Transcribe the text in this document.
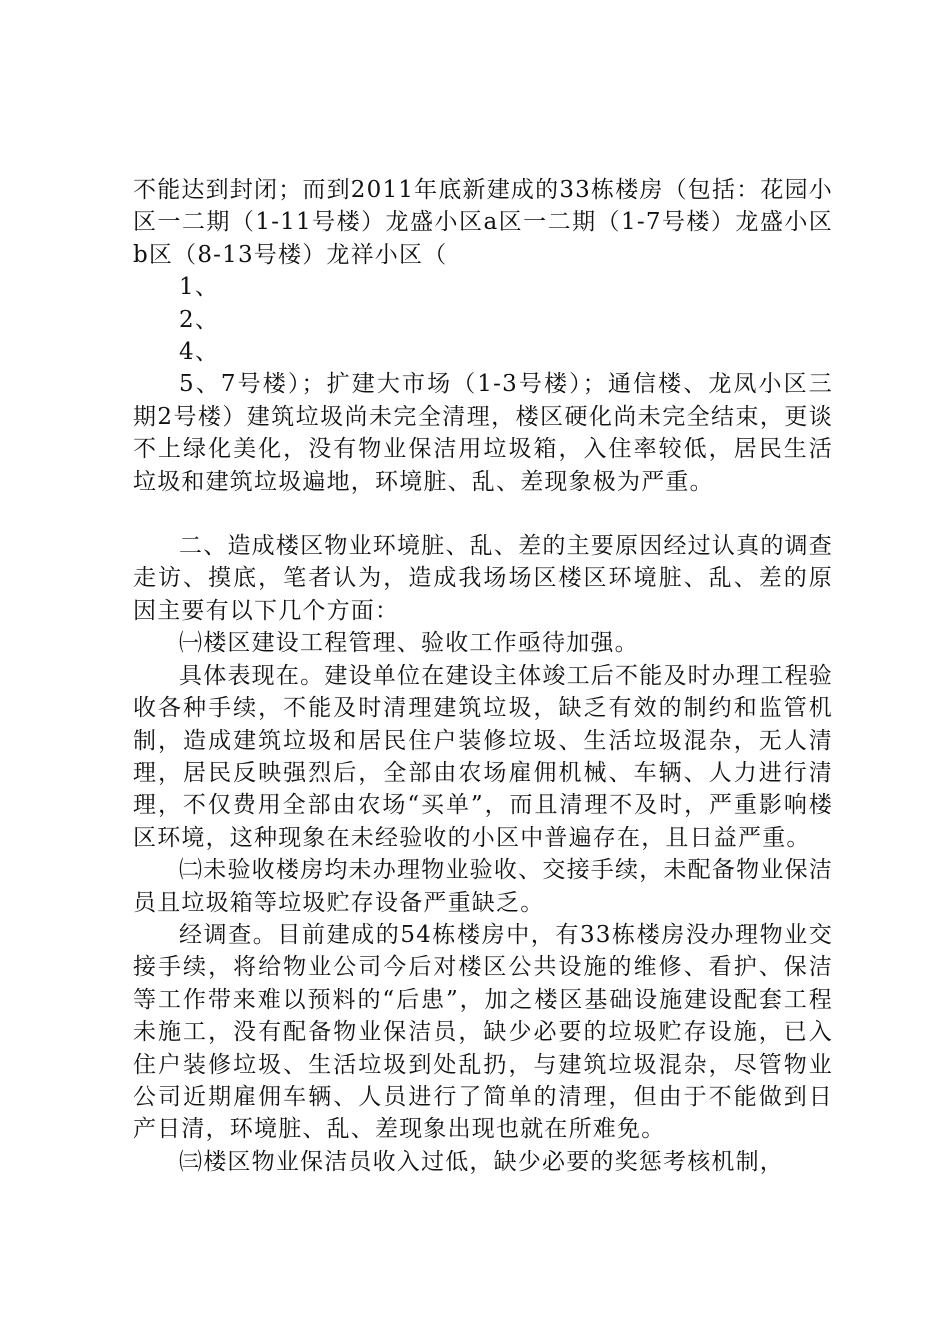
不能达到封闭；而到2011年底新建成的33栋楼房（包括：花园小区一二期（1-11号楼）龙盛小区a区一二期（1-7号楼）龙盛小区b区（8-13号楼）龙祥小区（

1、

2、

4、

5、7号楼）；扩建大市场（1-3号楼）；通信楼、龙凤小区三期2号楼）建筑垃圾尚未完全清理，楼区硬化尚未完全结束，更谈不上绿化美化，没有物业保洁用垃圾箱，入住率较低，居民生活垃圾和建筑垃圾遍地，环境脏、乱、差现象极为严重。

二、造成楼区物业环境脏、乱、差的主要原因经过认真的调查走访、摸底，笔者认为，造成我场场区楼区环境脏、乱、差的原因主要有以下几个方面：

㈠楼区建设工程管理、验收工作亟待加强。

具体表现在。建设单位在建设主体竣工后不能及时办理工程验收各种手续，不能及时清理建筑垃圾，缺乏有效的制约和监管机制，造成建筑垃圾和居民住户装修垃圾、生活垃圾混杂，无人清理，居民反映强烈后，全部由农场雇佣机械、车辆、人力进行清理，不仅费用全部由农场“买单”，而且清理不及时，严重影响楼区环境，这种现象在未经验收的小区中普遍存在，且日益严重。

㈡未验收楼房均未办理物业验收、交接手续，未配备物业保洁员且垃圾箱等垃圾贮存设备严重缺乏。

经调查。目前建成的54栋楼房中，有33栋楼房没办理物业交接手续，将给物业公司今后对楼区公共设施的维修、看护、保洁等工作带来难以预料的“后患”，加之楼区基础设施建设配套工程未施工，没有配备物业保洁员，缺少必要的垃圾贮存设施，已入住户装修垃圾、生活垃圾到处乱扔，与建筑垃圾混杂，尽管物业公司近期雇佣车辆、人员进行了简单的清理，但由于不能做到日产日清，环境脏、乱、差现象出现也就在所难免。

㈢楼区物业保洁员收入过低，缺少必要的奖惩考核机制，
